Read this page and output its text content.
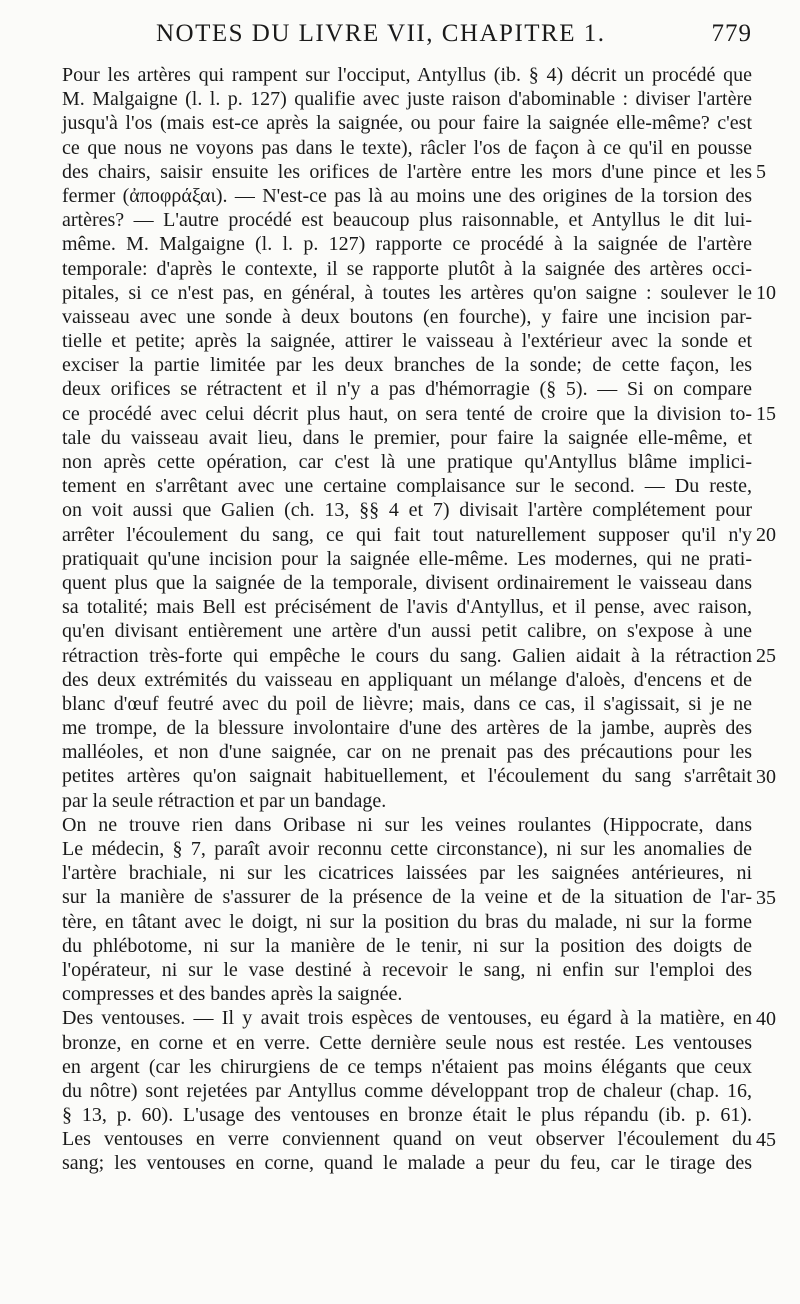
NOTES DU LIVRE VII, CHAPITRE 1.	779
Pour les artères qui rampent sur l'occiput, Antyllus (ib. § 4) décrit un procédé que
M. Malgaigne (l. l. p. 127) qualifie avec juste raison d'abominable : diviser l'artère
jusqu'à l'os (mais est-ce après la saignée, ou pour faire la saignée elle-même? c'est
ce que nous ne voyons pas dans le texte), râcler l'os de façon à ce qu'il en pousse
des chairs, saisir ensuite les orifices de l'artère entre les mors d'une pince et les
fermer (ἀποφράξαι). — N'est-ce pas là au moins une des origines de la torsion des
artères? — L'autre procédé est beaucoup plus raisonnable, et Antyllus le dit lui-
même. M. Malgaigne (l. l. p. 127) rapporte ce procédé à la saignée de l'artère
temporale: d'après le contexte, il se rapporte plutôt à la saignée des artères occi-
pitales, si ce n'est pas, en général, à toutes les artères qu'on saigne : soulever le
vaisseau avec une sonde à deux boutons (en fourche), y faire une incision par-
tielle et petite; après la saignée, attirer le vaisseau à l'extérieur avec la sonde et
exciser la partie limitée par les deux branches de la sonde; de cette façon, les
deux orifices se rétractent et il n'y a pas d'hémorragie (§ 5). — Si on compare
ce procédé avec celui décrit plus haut, on sera tenté de croire que la division to-
tale du vaisseau avait lieu, dans le premier, pour faire la saignée elle-même, et
non après cette opération, car c'est là une pratique qu'Antyllus blâme implici-
tement en s'arrêtant avec une certaine complaisance sur le second. — Du reste,
on voit aussi que Galien (ch. 13, §§ 4 et 7) divisait l'artère complétement pour
arrêter l'écoulement du sang, ce qui fait tout naturellement supposer qu'il n'y
pratiquait qu'une incision pour la saignée elle-même. Les modernes, qui ne prati-
quent plus que la saignée de la temporale, divisent ordinairement le vaisseau dans
sa totalité; mais Bell est précisément de l'avis d'Antyllus, et il pense, avec raison,
qu'en divisant entièrement une artère d'un aussi petit calibre, on s'expose à une
rétraction très-forte qui empêche le cours du sang. Galien aidait à la rétraction
des deux extrémités du vaisseau en appliquant un mélange d'aloès, d'encens et de
blanc d'œuf feutré avec du poil de lièvre; mais, dans ce cas, il s'agissait, si je ne
me trompe, de la blessure involontaire d'une des artères de la jambe, auprès des
malléoles, et non d'une saignée, car on ne prenait pas des précautions pour les
petites artères qu'on saignait habituellement, et l'écoulement du sang s'arrêtait
par la seule rétraction et par un bandage.
On ne trouve rien dans Oribase ni sur les veines roulantes (Hippocrate, dans
Le médecin, § 7, paraît avoir reconnu cette circonstance), ni sur les anomalies de
l'artère brachiale, ni sur les cicatrices laissées par les saignées antérieures, ni
sur la manière de s'assurer de la présence de la veine et de la situation de l'ar-
tère, en tâtant avec le doigt, ni sur la position du bras du malade, ni sur la forme
du phlébotome, ni sur la manière de le tenir, ni sur la position des doigts de
l'opérateur, ni sur le vase destiné à recevoir le sang, ni enfin sur l'emploi des
compresses et des bandes après la saignée.
Des ventouses. — Il y avait trois espèces de ventouses, eu égard à la matière, en
bronze, en corne et en verre. Cette dernière seule nous est restée. Les ventouses
en argent (car les chirurgiens de ce temps n'étaient pas moins élégants que ceux
du nôtre) sont rejetées par Antyllus comme développant trop de chaleur (chap. 16,
§ 13, p. 60). L'usage des ventouses en bronze était le plus répandu (ib. p. 61).
Les ventouses en verre conviennent quand on veut observer l'écoulement du
sang; les ventouses en corne, quand le malade a peur du feu, car le tirage des
5
10
15
20
25
30
35
40
45
